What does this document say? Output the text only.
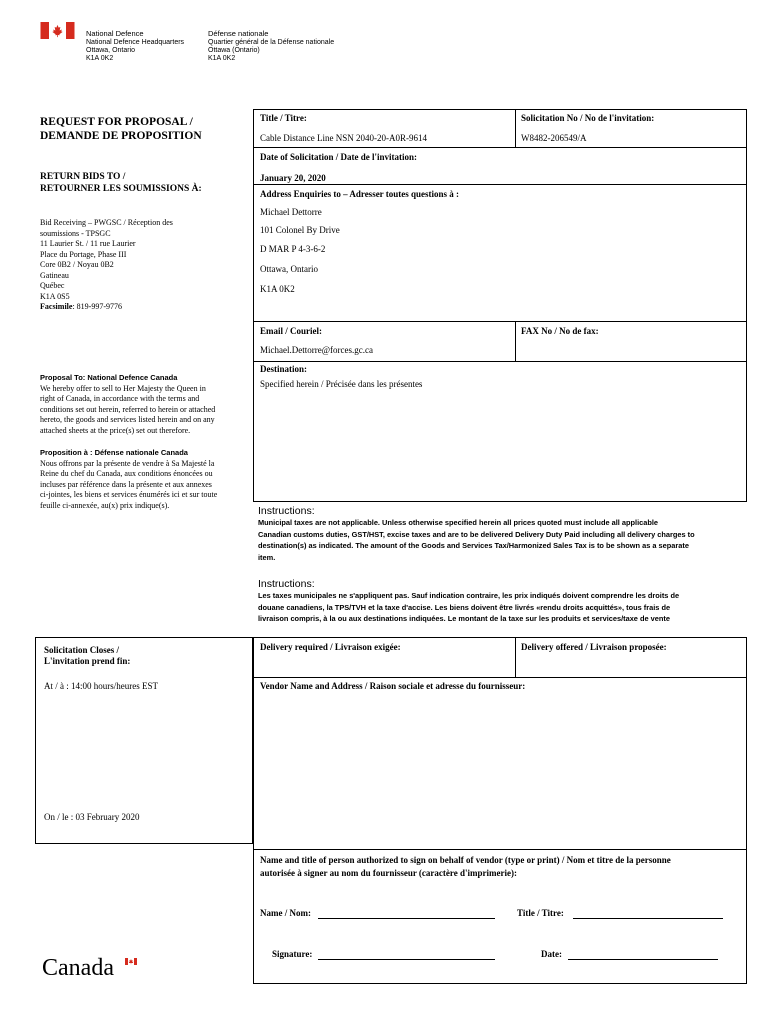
National Defence
National Defence Headquarters
Ottawa, Ontario
K1A 0K2
Défense nationale
Quartier général de la Défense nationale
Ottawa (Ontario)
K1A 0K2
REQUEST FOR PROPOSAL /
DEMANDE DE PROPOSITION
RETURN BIDS TO /
RETOURNER LES SOUMISSIONS À:
Bid Receiving – PWGSC / Réception des
soumissions - TPSGC
11 Laurier St. / 11 rue Laurier
Place du Portage, Phase III
Core 0B2 / Noyau 0B2
Gatineau
Québec
K1A 0S5
Facsimile: 819-997-9776
Proposal To: National Defence Canada
We hereby offer to sell to Her Majesty the Queen in
right of Canada, in accordance with the terms and
conditions set out herein, referred to herein or attached
hereto, the goods and services listed herein and on any
attached sheets at the price(s) set out therefore.
Proposition à : Défense nationale Canada
Nous offrons par la présente de vendre à Sa Majesté la
Reine du chef du Canada, aux conditions énoncées ou
incluses par référence dans la présente et aux annexes
ci-jointes, les biens et services énumérés ici et sur toute
feuille ci-annexée, au(x) prix indique(s).
Solicitation Closes /
L'invitation prend fin:
At / à : 14:00 hours/heures EST
On / le : 03 February 2020
Canada
Title / Titre:
Cable Distance Line NSN 2040-20-A0R-9614
Solicitation No / No de l'invitation:
W8482-206549/A
Date of Solicitation / Date de l'invitation:
January 20, 2020
Address Enquiries to – Adresser toutes questions à :
Michael Dettorre
101 Colonel By Drive
D MAR P 4-3-6-2
Ottawa, Ontario
K1A 0K2
Email / Couriel:
Michael.Dettorre@forces.gc.ca
FAX No / No de fax:
Destination:
Specified herein / Précisée dans les présentes
Instructions:
Municipal taxes are not applicable. Unless otherwise specified herein all prices quoted must include all applicable
Canadian customs duties, GST/HST, excise taxes and are to be delivered Delivery Duty Paid including all delivery charges to
destination(s) as indicated. The amount of the Goods and Services Tax/Harmonized Sales Tax is to be shown as a separate
item.
Instructions:
Les taxes municipales ne s'appliquent pas. Sauf indication contraire, les prix indiqués doivent comprendre les droits de
douane canadiens, la TPS/TVH et la taxe d'accise. Les biens doivent être livrés «rendu droits acquittés», tous frais de
livraison compris, à la ou aux destinations indiquées. Le montant de la taxe sur les produits et services/taxe de vente
Delivery required / Livraison exigée:	Delivery offered / Livraison proposée:
Vendor Name and Address / Raison sociale et adresse du fournisseur:
Name and title of person authorized to sign on behalf of vendor (type or print) / Nom et titre de la personne
autorisée à signer au nom du fournisseur (caractère d'imprimerie):
Name / Nom:	Title / Titre:
Signature:	Date:
